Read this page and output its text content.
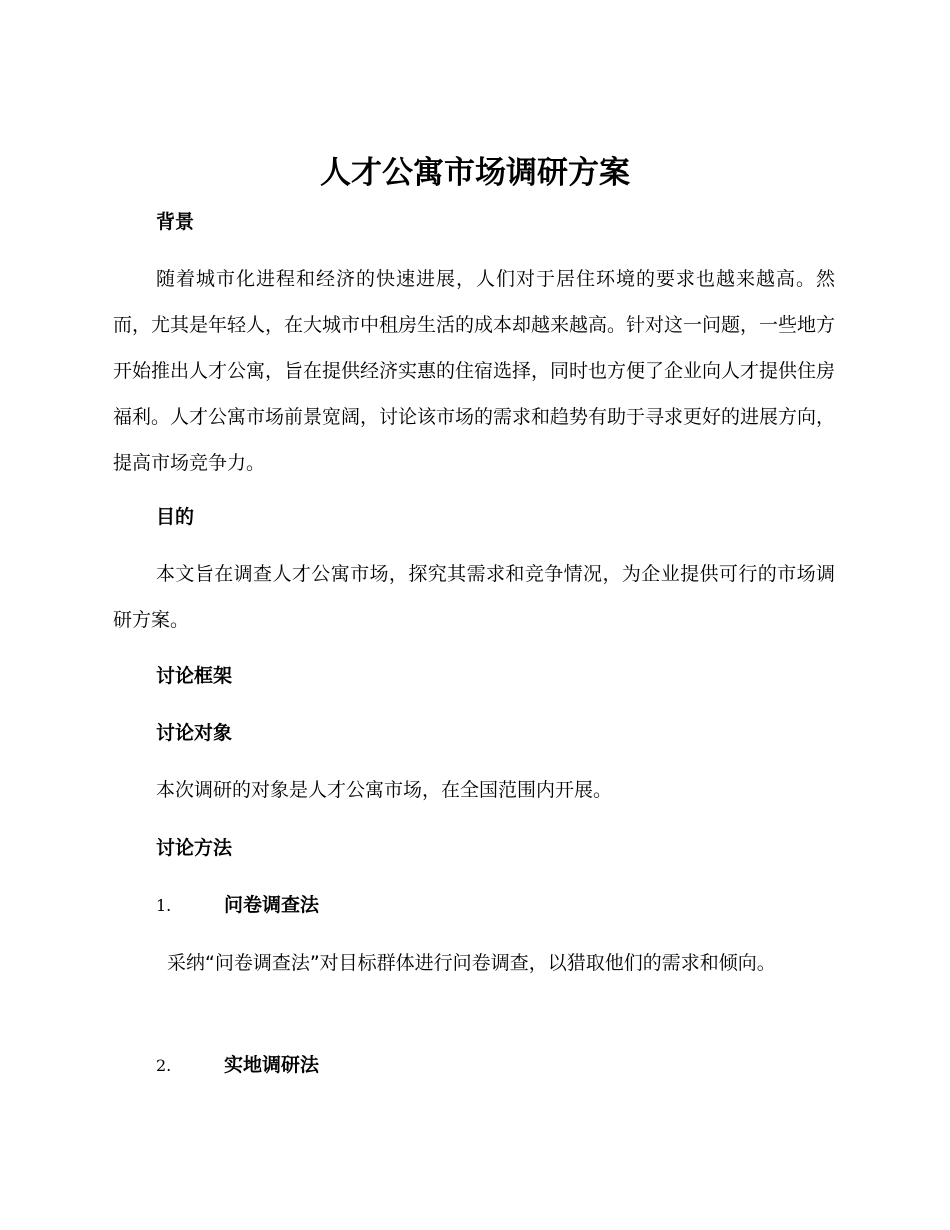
人才公寓市场调研方案
背景

随着城市化进程和经济的快速进展，人们对于居住环境的要求也越来越高。然而，尤其是年轻人，在大城市中租房生活的成本却越来越高。针对这一问题，一些地方开始推出人才公寓，旨在提供经济实惠的住宿选择，同时也方便了企业向人才提供住房福利。人才公寓市场前景宽阔，讨论该市场的需求和趋势有助于寻求更好的进展方向，提高市场竞争力。

目的

本文旨在调查人才公寓市场，探究其需求和竞争情况，为企业提供可行的市场调研方案。

讨论框架
讨论对象

本次调研的对象是人才公寓市场，在全国范围内开展。

讨论方法
1.	问卷调查法

采纳“问卷调查法”对目标群体进行问卷调查，以猎取他们的需求和倾向。

2.	实地调研法
